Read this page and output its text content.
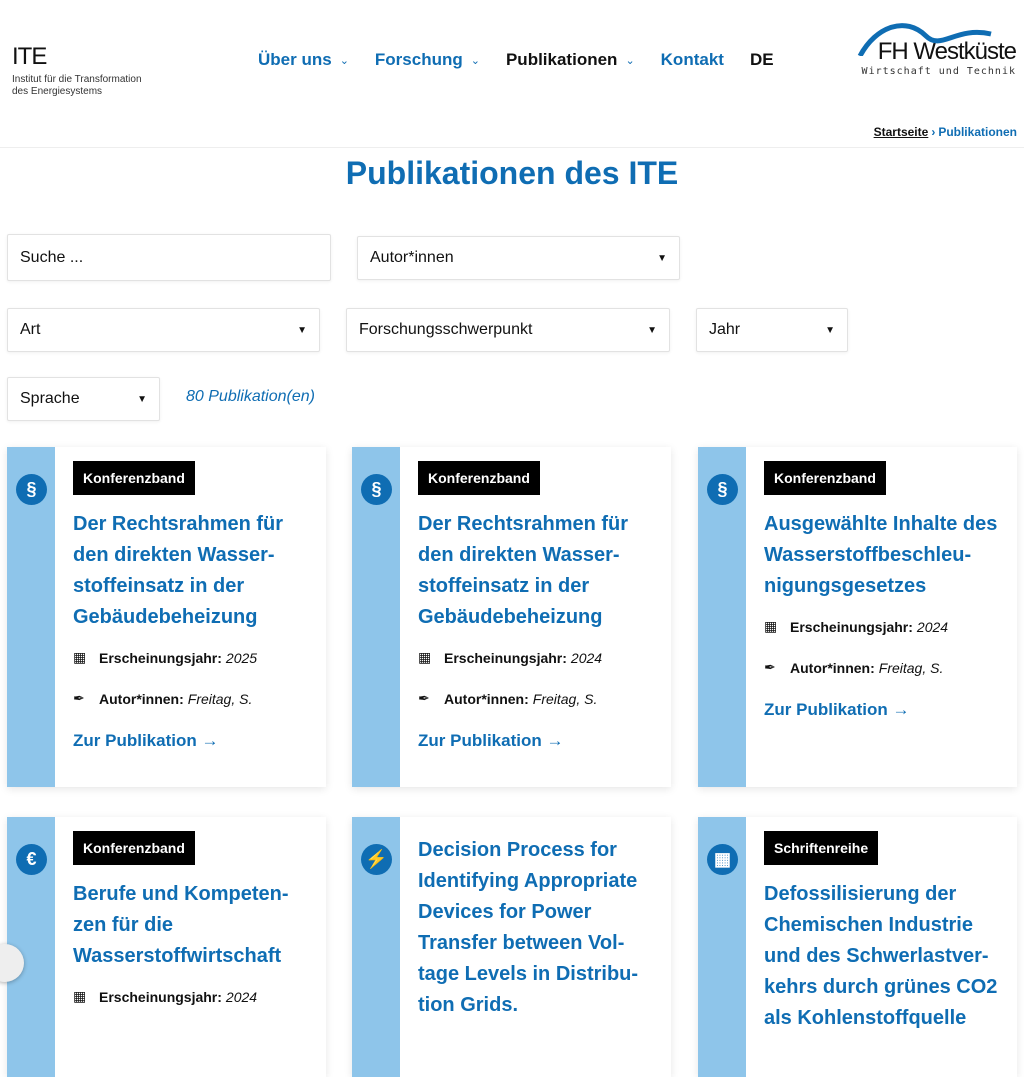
ITE
Institut für die Transformation des Energiesystems
Über uns ⌄ Forschung ⌄ Publikationen ⌄ Kontakt DE	FH Westküste
Wirtschaft und Technik
Startseite › Publikationen
Publikationen des ITE
Suche ...	Autor*innen	▼
Art	▼	Forschungsschwerpunkt	▼	Jahr	▼
Sprache	▼ 80 Publikation(en)
§
Konferenzband
Der Rechtsrahmen für den direkten Wasserstoffeinsatz in der Gebäudebeheizung
▦ Erscheinungsjahr: 2025
✒	Autor*innen: Freitag, S.
Zur Publikation →
§
Konferenzband
Der Rechtsrahmen für den direkten Wasserstoffeinsatz in der Gebäudebeheizung
▦ Erscheinungsjahr: 2024
✒	Autor*innen: Freitag, S.
Zur Publikation →
§
Konferenzband
Ausgewählte Inhalte des Wasserstoffbeschleunigungsgesetzes
▦ Erscheinungsjahr: 2024
✒	Autor*innen: Freitag, S.
Zur Publikation →
€
Konferenzband
Berufe und Kompetenzen für die Wasserstoffwirtschaft
▦ Erscheinungsjahr: 2024
⚡ Decision Process for Identifying Appropriate Devices for Power Transfer between Voltage Levels in Distribution Grids.
▦
Schriftenreihe
Defossilisierung der Chemischen Industrie und des Schwerlastverkehrs durch grünes CO2 als Kohlenstoffquelle
